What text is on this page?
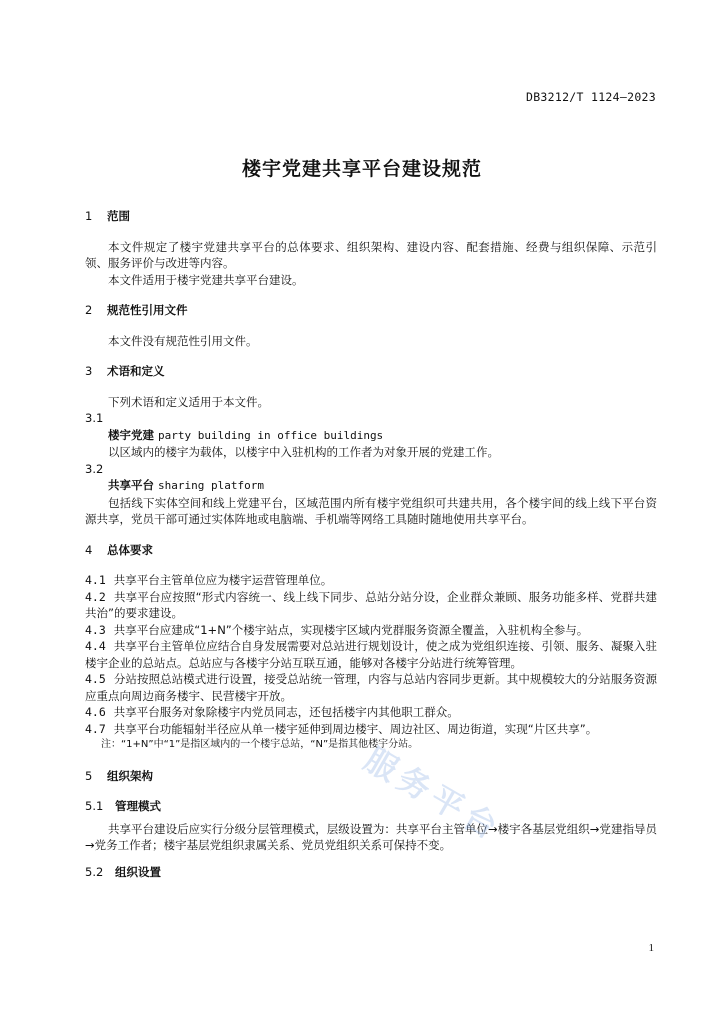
DB3212/T 1124—2023
楼宇党建共享平台建设规范

1 范围

本文件规定了楼宇党建共享平台的总体要求、组织架构、建设内容、配套措施、经费与组织保障、示范引领、服务评价与改进等内容。

本文件适用于楼宇党建共享平台建设。

2 规范性引用文件

本文件没有规范性引用文件。

3 术语和定义

下列术语和定义适用于本文件。

3.1

楼宇党建 party building in office buildings

以区域内的楼宇为载体，以楼宇中入驻机构的工作者为对象开展的党建工作。

3.2

共享平台 sharing platform

包括线下实体空间和线上党建平台，区域范围内所有楼宇党组织可共建共用，各个楼宇间的线上线下平台资源共享，党员干部可通过实体阵地或电脑端、手机端等网络工具随时随地使用共享平台。

4 总体要求

4.1 共享平台主管单位应为楼宇运营管理单位。

4.2 共享平台应按照“形式内容统一、线上线下同步、总站分站分设，企业群众兼顾、服务功能多样、党群共建共治”的要求建设。

4.3 共享平台应建成“1+N”个楼宇站点，实现楼宇区域内党群服务资源全覆盖，入驻机构全参与。

4.4 共享平台主管单位应结合自身发展需要对总站进行规划设计，使之成为党组织连接、引领、服务、凝聚入驻楼宇企业的总站点。总站应与各楼宇分站互联互通，能够对各楼宇分站进行统筹管理。

4.5 分站按照总站模式进行设置，接受总站统一管理，内容与总站内容同步更新。其中规模较大的分站服务资源应重点向周边商务楼宇、民营楼宇开放。

4.6 共享平台服务对象除楼宇内党员同志，还包括楼宇内其他职工群众。

4.7 共享平台功能辐射半径应从单一楼宇延伸到周边楼宇、周边社区、周边街道，实现“片区共享”。

注：“1+N”中“1”是指区域内的一个楼宇总站，“N”是指其他楼宇分站。

5 组织架构

5.1 管理模式

共享平台建设后应实行分级分层管理模式，层级设置为：共享平台主管单位→楼宇各基层党组织→党建指导员→党务工作者；楼宇基层党组织隶属关系、党员党组织关系可保持不变。

5.2 组织设置

服务平台
1
